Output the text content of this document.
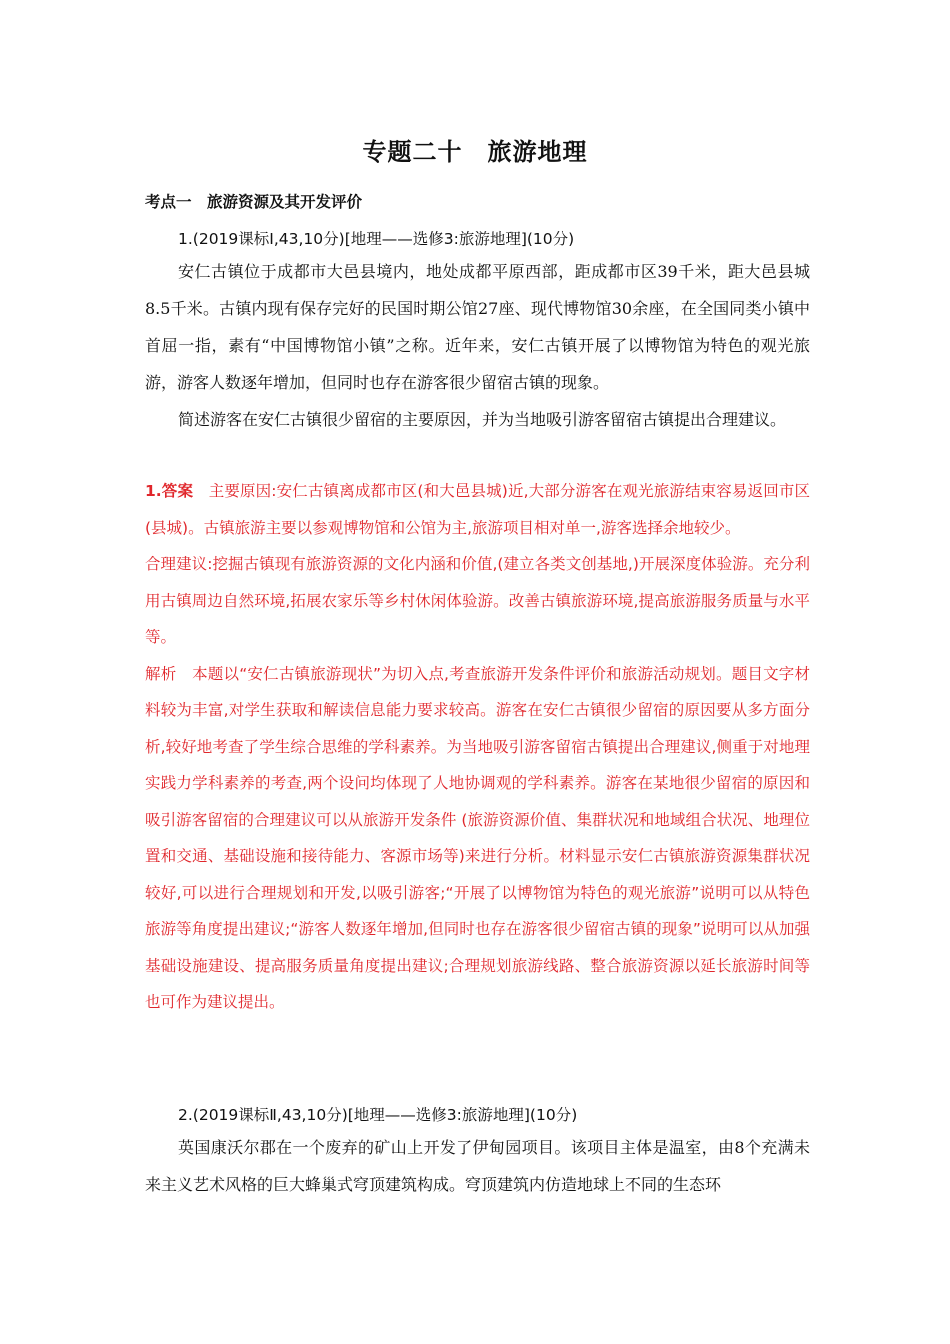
专题二十　旅游地理
考点一　旅游资源及其开发评价
1.(2019课标Ⅰ,43,10分)[地理——选修3:旅游地理](10分)

安仁古镇位于成都市大邑县境内，地处成都平原西部，距成都市区39千米，距大邑县城8.5千米。古镇内现有保存完好的民国时期公馆27座、现代博物馆30余座，在全国同类小镇中首屈一指，素有“中国博物馆小镇”之称。近年来，安仁古镇开展了以博物馆为特色的观光旅游，游客人数逐年增加，但同时也存在游客很少留宿古镇的现象。

简述游客在安仁古镇很少留宿的主要原因，并为当地吸引游客留宿古镇提出合理建议。

1.答案　 主要原因:安仁古镇离成都市区(和大邑县城)近,大部分游客在观光旅游结束容易返回市区(县城)。古镇旅游主要以参观博物馆和公馆为主,旅游项目相对单一,游客选择余地较少。

合理建议:挖掘古镇现有旅游资源的文化内涵和价值,(建立各类文创基地,)开展深度体验游。充分利用古镇周边自然环境,拓展农家乐等乡村休闲体验游。改善古镇旅游环境,提高旅游服务质量与水平等。

解析　 本题以“安仁古镇旅游现状”为切入点,考查旅游开发条件评价和旅游活动规划。题目文字材料较为丰富,对学生获取和解读信息能力要求较高。游客在安仁古镇很少留宿的原因要从多方面分析,较好地考查了学生综合思维的学科素养。为当地吸引游客留宿古镇提出合理建议,侧重于对地理实践力学科素养的考查,两个设问均体现了人地协调观的学科素养。游客在某地很少留宿的原因和吸引游客留宿的合理建议可以从旅游开发条件 (旅游资源价值、集群状况和地域组合状况、地理位置和交通、基础设施和接待能力、客源市场等)来进行分析。材料显示安仁古镇旅游资源集群状况较好,可以进行合理规划和开发,以吸引游客;“开展了以博物馆为特色的观光旅游”说明可以从特色旅游等角度提出建议;“游客人数逐年增加,但同时也存在游客很少留宿古镇的现象”说明可以从加强基础设施建设、提高服务质量角度提出建议;合理规划旅游线路、整合旅游资源以延长旅游时间等也可作为建议提出。

2.(2019课标Ⅱ,43,10分)[地理——选修3:旅游地理](10分)

英国康沃尔郡在一个废弃的矿山上开发了伊甸园项目。该项目主体是温室，由8个充满未来主义艺术风格的巨大蜂巢式穹顶建筑构成。穹顶建筑内仿造地球上不同的生态环
